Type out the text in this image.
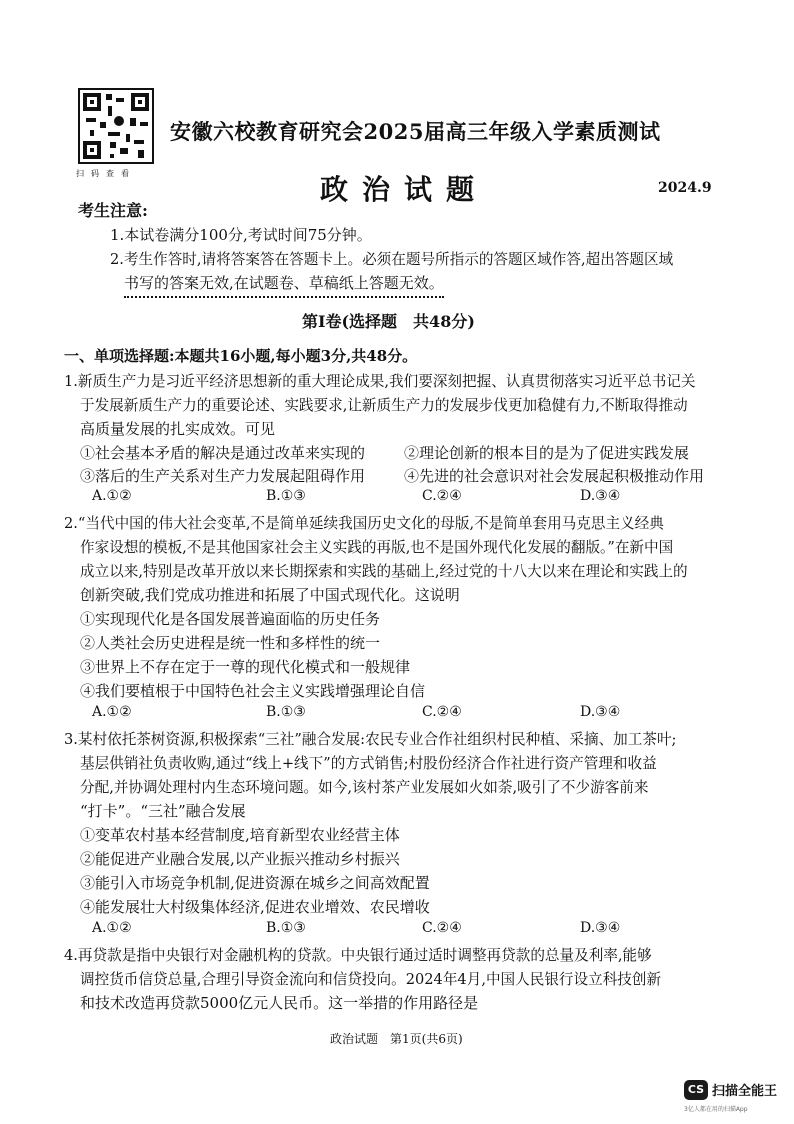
扫码查看
安徽六校教育研究会2025届高三年级入学素质测试
政治试题	2024.9
考生注意:
1.本试卷满分100分,考试时间75分钟。
2.考生作答时,请将答案答在答题卡上。必须在题号所指示的答题区域作答,超出答题区域
书写的答案无效,在试题卷、草稿纸上答题无效。
第Ⅰ卷(选择题　共48分)
一、单项选择题:本题共16小题,每小题3分,共48分。
1.新质生产力是习近平经济思想新的重大理论成果,我们要深刻把握、认真贯彻落实习近平总书记关
于发展新质生产力的重要论述、实践要求,让新质生产力的发展步伐更加稳健有力,不断取得推动
高质量发展的扎实成效。可见
①社会基本矛盾的解决是通过改革来实现的	②理论创新的根本目的是为了促进实践发展
③落后的生产关系对生产力发展起阻碍作用	④先进的社会意识对社会发展起积极推动作用
A.①②	B.①③	C.②④	D.③④
2.“当代中国的伟大社会变革,不是简单延续我国历史文化的母版,不是简单套用马克思主义经典
作家设想的模板,不是其他国家社会主义实践的再版,也不是国外现代化发展的翻版。”在新中国
成立以来,特别是改革开放以来长期探索和实践的基础上,经过党的十八大以来在理论和实践上的
创新突破,我们党成功推进和拓展了中国式现代化。这说明
①实现现代化是各国发展普遍面临的历史任务
②人类社会历史进程是统一性和多样性的统一
③世界上不存在定于一尊的现代化模式和一般规律
④我们要植根于中国特色社会主义实践增强理论自信
A.①②	B.①③	C.②④	D.③④
3.某村依托茶树资源,积极探索“三社”融合发展:农民专业合作社组织村民种植、采摘、加工茶叶;
基层供销社负责收购,通过“线上+线下”的方式销售;村股份经济合作社进行资产管理和收益
分配,并协调处理村内生态环境问题。如今,该村茶产业发展如火如荼,吸引了不少游客前来
“打卡”。“三社”融合发展
①变革农村基本经营制度,培育新型农业经营主体
②能促进产业融合发展,以产业振兴推动乡村振兴
③能引入市场竞争机制,促进资源在城乡之间高效配置
④能发展壮大村级集体经济,促进农业增效、农民增收
A.①②	B.①③	C.②④	D.③④
4.再贷款是指中央银行对金融机构的贷款。中央银行通过适时调整再贷款的总量及利率,能够
调控货币信贷总量,合理引导资金流向和信贷投向。2024年4月,中国人民银行设立科技创新
和技术改造再贷款5000亿元人民币。这一举措的作用路径是
政治试题　第1页(共6页)
CS 扫描全能王
3亿人都在用的扫描App
